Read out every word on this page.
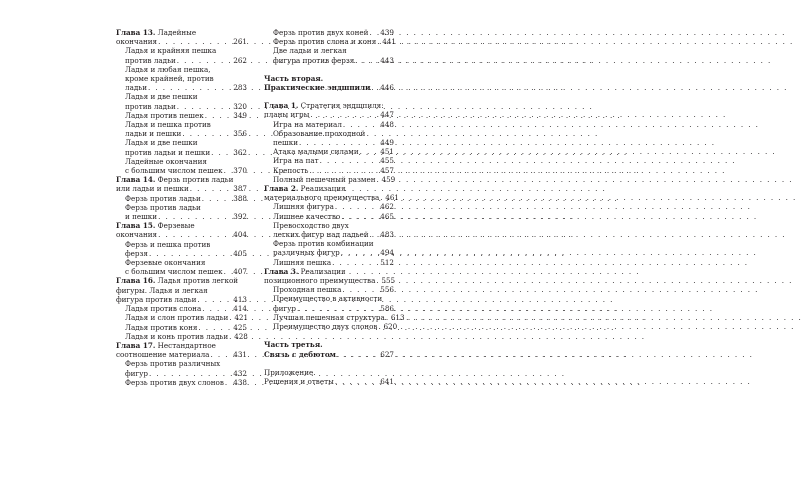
Глава 13. Ладейные
окончания . . .	261
Ладья и крайняя пешка
против ладьи . . .	262
Ладья и любая пешка,
кроме крайней, против
ладьи . . .	283
Ладья и две пешки
против ладьи . . .	320
Ладья против пешек . . .	349
Ладья и пешка против
ладьи и пешки . . .	356
Ладья и две пешки
против ладьи и пешки . . .	362
Ладейные окончания
с большим числом пешек . . . 370
Глава 14. Ферзь против ладьи
или ладьи и пешки . . .	387
Ферзь против ладьи . . .	388
Ферзь против ладьи
и пешки . . .	392
Глава 15. Ферзевые
окончания . . .	404
Ферзь и пешка против
ферзя . . .	405
Ферзевые окончания
с большим числом пешек . . . 407
Глава 16. Ладья против легкой
фигуры. Ладья и легкая
фигура против ладьи . . .	413
Ладья против слона . . .	414
Ладья и слон против ладьи . . . 421
Ладья против коня . . .	425
Ладья и конь против ладьи . . . 428
Глава 17. Нестандартное
соотношение материала . . .	431
Ферзь против различных
фигур . . .	432
Ферзь против двух слонов . . . 438
Ферзь против двух коней . . . 439
Ферзь против слона и коня . . . 441
Две ладьи и легкая
фигура против ферзя . . .	443
Часть вторая.
Практические эндшпили . . . 446
Глава 1. Стратегия эндшпиля:
планы игры . . .	447
Игра на материал . . .	448
Образование проходной
пешки . . .	449
Атака малыми силами . . .	451
Игра на пат . . .	455
Крепость . . .	457
Полный пешечный размен . . . 459
Глава 2. Реализация
материального преимущества . . . 461
Лишняя фигура . . .	462
Лишнее качество . . .	465
Превосходство двух
легких фигур над ладьей . . . 483
Ферзь против комбинации
различных фигур . . .	494
Лишняя пешка . . .	512
Глава 3. Реализация
позиционного преимущества . . . 555
Проходная пешка . . .	556
Преимущество в активности
фигур . . .	586
Лучшая пешечная структура . . . 613
Преимущество двух слонов . . . 620
Часть третья.
Связь с дебютом . . .	627
Приложение.
Решения и ответы . . .	641
